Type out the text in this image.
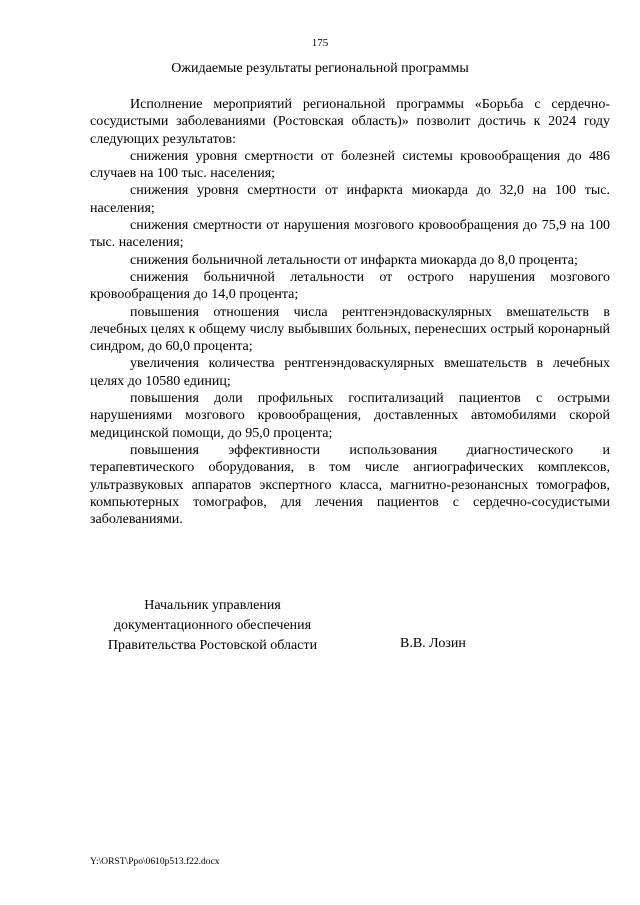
175
Ожидаемые результаты региональной программы

Исполнение мероприятий региональной программы «Борьба с сердечно-сосудистыми заболеваниями (Ростовская область)» позволит достичь к 2024 году следующих результатов:

снижения уровня смертности от болезней системы кровообращения до 486 случаев на 100 тыс. населения;

снижения уровня смертности от инфаркта миокарда до 32,0 на 100 тыс. населения;

снижения смертности от нарушения мозгового кровообращения до 75,9 на 100 тыс. населения;

снижения больничной летальности от инфаркта миокарда до 8,0 процента;

снижения больничной летальности от острого нарушения мозгового кровообращения до 14,0 процента;

повышения отношения числа рентгенэндоваскулярных вмешательств в лечебных целях к общему числу выбывших больных, перенесших острый коронарный синдром, до 60,0 процента;

увеличения количества рентгенэндоваскулярных вмешательств в лечебных целях до 10580 единиц;

повышения доли профильных госпитализаций пациентов с острыми нарушениями мозгового кровообращения, доставленных автомобилями скорой медицинской помощи, до 95,0 процента;

повышения эффективности использования диагностического и терапевтического оборудования, в том числе ангиографических комплексов, ультразвуковых аппаратов экспертного класса, магнитно-резонансных томографов, компьютерных томографов, для лечения пациентов с сердечно-сосудистыми заболеваниями.

Начальник управления
документационного обеспечения
Правительства Ростовской области	В.В. Лозин
Y:\ORST\Ppo\0610p513.f22.docx
